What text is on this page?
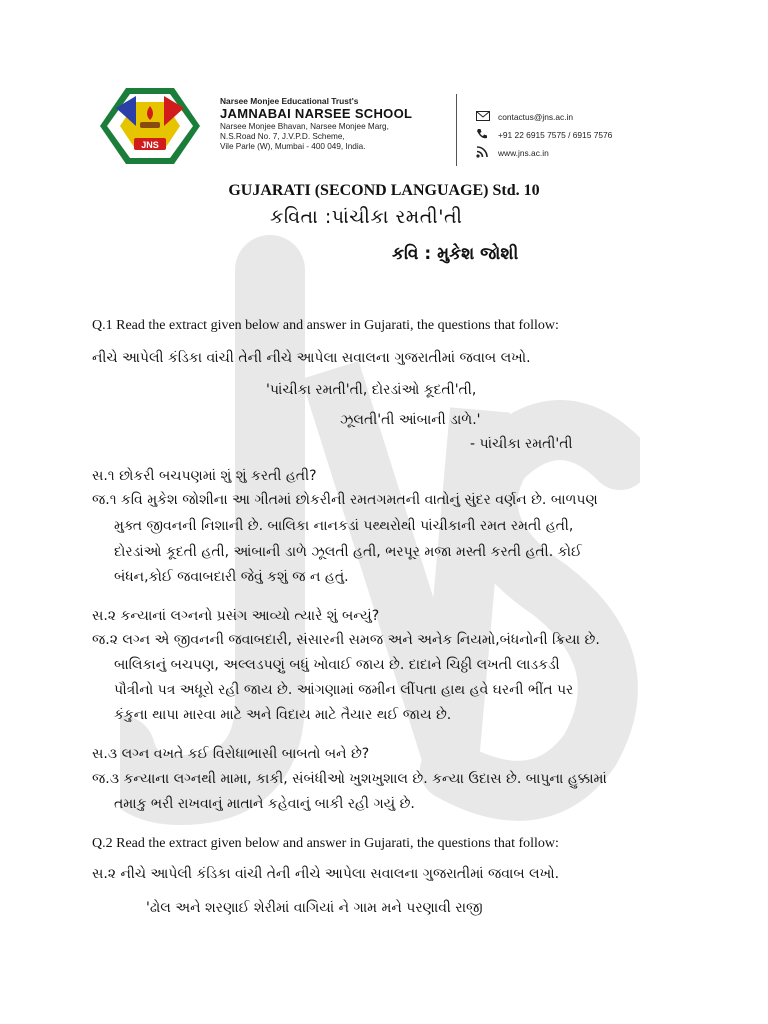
JNS
Narsee Monjee Educational Trust's
JAMNABAI NARSEE SCHOOL
Narsee Monjee Bhavan, Narsee Monjee Marg,
N.S.Road No. 7, J.V.P.D. Scheme,
Vile Parle (W), Mumbai - 400 049, India.
contactus@jns.ac.in
+91 22 6915 7575 / 6915 7576
www.jns.ac.in
GUJARATI (SECOND LANGUAGE) Std. 10
કવિતા :પાંચીકા રમતી'તી
કવિ : મુકેશ જોશી
Q.1 Read the extract given below and answer in Gujarati, the questions that follow:
નીચે આપેલી કંડિકા વાંચી તેની નીચે આપેલા સવાલના ગુજરાતીમાં જવાબ લખો.
'પાંચીકા રમતી'તી, દોરડાંઓ કૂદતી'તી,
ઝૂલતી'તી આંબાની ડાળે.'
- પાંચીકા રમતી'તી
સ.૧ છોકરી બચપણમાં શું શું કરતી હતી?
જ.૧ કવિ મુકેશ જોશીના આ ગીતમાં છોકરીની રમતગમતની વાતોનું સુંદર વર્ણન છે. બાળપણ
મુક્ત જીવનની નિશાની છે. બાલિકા નાનકડાં પથ્થરોથી પાંચીકાની રમત રમતી હતી,
દોરડાંઓ કૂદતી હતી, આંબાની ડાળે ઝૂલતી હતી, ભરપૂર મજા મસ્તી કરતી હતી. કોઈ
બંધન,કોઈ જવાબદારી જેવું કશું જ ન હતું.
સ.૨ કન્યાનાં લગ્નનો પ્રસંગ આવ્યો ત્યારે શું બન્યું?
જ.૨ લગ્ન એ જીવનની જવાબદારી, સંસારની સમજ અને અનેક નિયમો,બંધનોની ક્રિયા છે.
બાલિકાનું બચપણ, અલ્લડપણું બધું ખોવાઈ જાય છે. દાદાને ચિઠ્ઠી લખતી લાડકડી
પૌત્રીનો પત્ર અધૂરો રહી જાય છે. આંગણામાં જમીન લીંપતા હાથ હવે ઘરની ભીંત પર
કંકુના થાપા મારવા માટે અને વિદાય માટે તૈયાર થઈ જાય છે.
સ.૩ લગ્ન વખતે કઈ વિરોધાભાસી બાબતો બને છે?
જ.૩ કન્યાના લગ્નથી મામા, કાકી, સંબંધીઓ ખુશખુશાલ છે. કન્યા ઉદાસ છે. બાપુના હુક્કામાં
તમાકુ ભરી રાખવાનું માતાને કહેવાનું બાકી રહી ગયું છે.
Q.2 Read the extract given below and answer in Gujarati, the questions that follow:
સ.૨ નીચે આપેલી કંડિકા વાંચી તેની નીચે આપેલા સવાલના ગુજરાતીમાં જવાબ લખો.
'ઢોલ અને શરણાઈ શેરીમાં વાગિયાં ને ગામ મને પરણાવી રાજી
